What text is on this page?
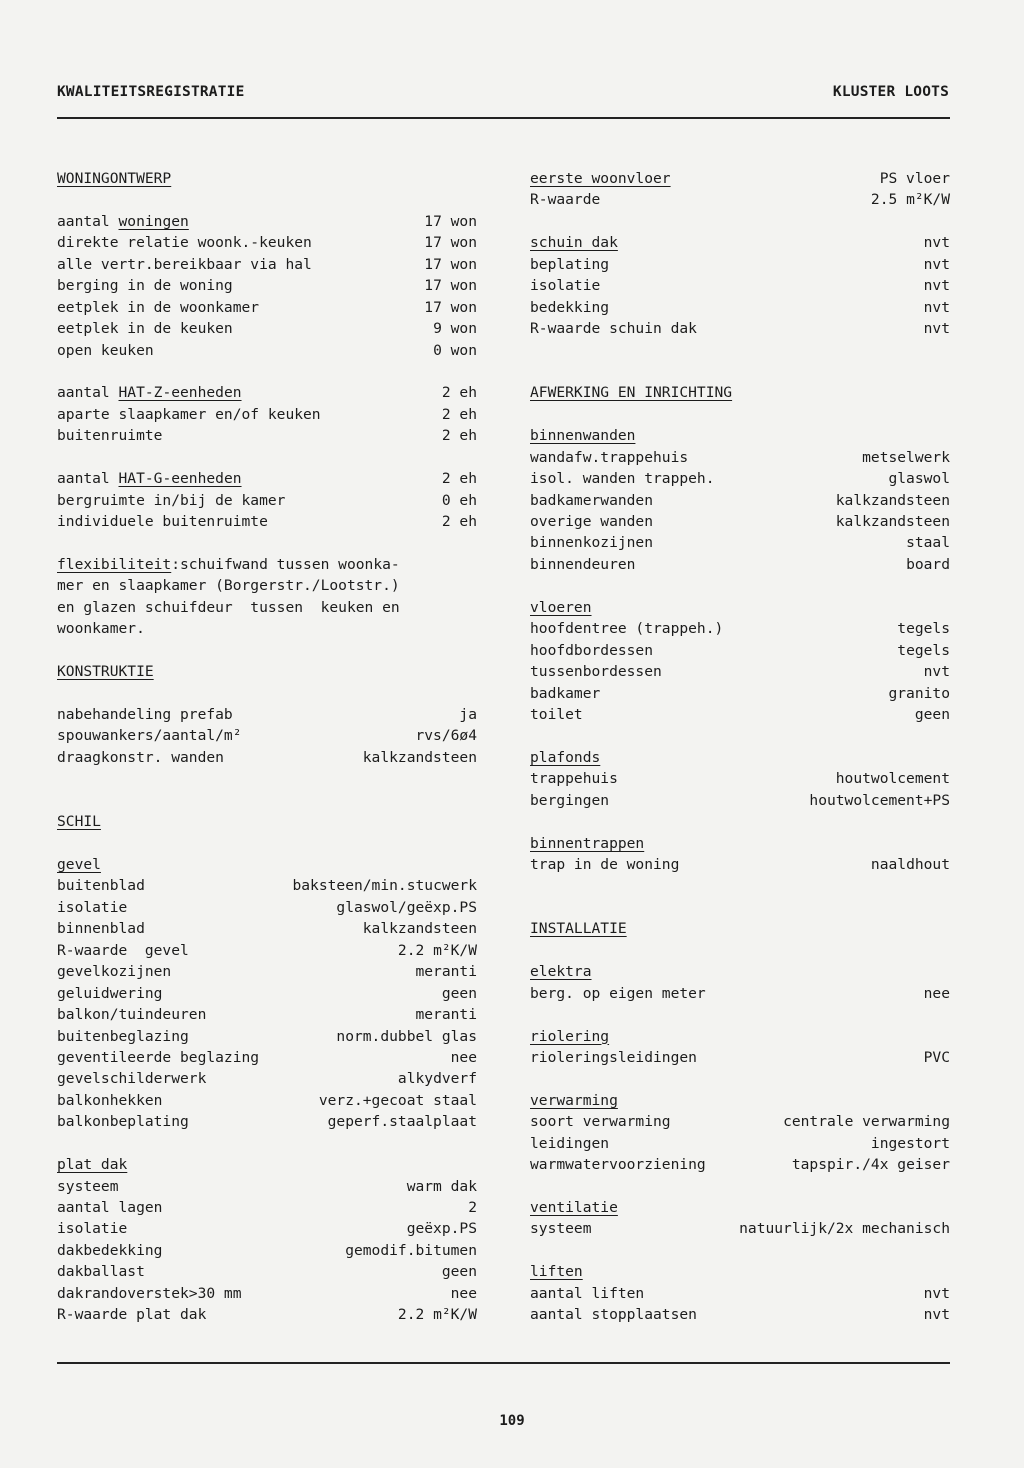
KWALITEITSREGISTRATIE	KLUSTER LOOTS
WONINGONTWERP
aantal woningen	17 won
direkte relatie woonk.-keuken	17 won
alle vertr.bereikbaar via hal	17 won
berging in de woning	17 won
eetplek in de woonkamer	17 won
eetplek in de keuken	9 won
open keuken	0 won
aantal HAT-Z-eenheden	2 eh
aparte slaapkamer en/of keuken	2 eh
buitenruimte	2 eh
aantal HAT-G-eenheden	2 eh
bergruimte in/bij de kamer	0 eh
individuele buitenruimte	2 eh
flexibiliteit:schuifwand tussen woonka-
mer en slaapkamer (Borgerstr./Lootstr.)
en glazen schuifdeur  tussen  keuken en
woonkamer.
KONSTRUKTIE
nabehandeling prefab	ja
spouwankers/aantal/m²	rvs/6ø4
draagkonstr. wanden	kalkzandsteen
SCHIL
gevel
buitenblad	baksteen/min.stucwerk
isolatie	glaswol/geëxp.PS
binnenblad	kalkzandsteen
R-waarde  gevel	2.2 m²K/W
gevelkozijnen	meranti
geluidwering	geen
balkon/tuindeuren	meranti
buitenbeglazing	norm.dubbel glas
geventileerde beglazing	nee
gevelschilderwerk	alkydverf
balkonhekken	verz.+gecoat staal
balkonbeplating	geperf.staalplaat
plat dak
systeem	warm dak
aantal lagen	2
isolatie	geëxp.PS
dakbedekking	gemodif.bitumen
dakballast	geen
dakrandoverstek>30 mm	nee
R-waarde plat dak	2.2 m²K/W
eerste woonvloer	PS vloer
R-waarde	2.5 m²K/W
schuin dak	nvt
beplating	nvt
isolatie	nvt
bedekking	nvt
R-waarde schuin dak	nvt
AFWERKING EN INRICHTING
binnenwanden
wandafw.trappehuis	metselwerk
isol. wanden trappeh.	glaswol
badkamerwanden	kalkzandsteen
overige wanden	kalkzandsteen
binnenkozijnen	staal
binnendeuren	board
vloeren
hoofdentree (trappeh.)	tegels
hoofdbordessen	tegels
tussenbordessen	nvt
badkamer	granito
toilet	geen
plafonds
trappehuis	houtwolcement
bergingen	houtwolcement+PS
binnentrappen
trap in de woning	naaldhout
INSTALLATIE
elektra
berg. op eigen meter	nee
riolering
rioleringsleidingen	PVC
verwarming
soort verwarming	centrale verwarming
leidingen	ingestort
warmwatervoorziening	tapspir./4x geiser
ventilatie
systeem	natuurlijk/2x mechanisch
liften
aantal liften	nvt
aantal stopplaatsen	nvt
109
